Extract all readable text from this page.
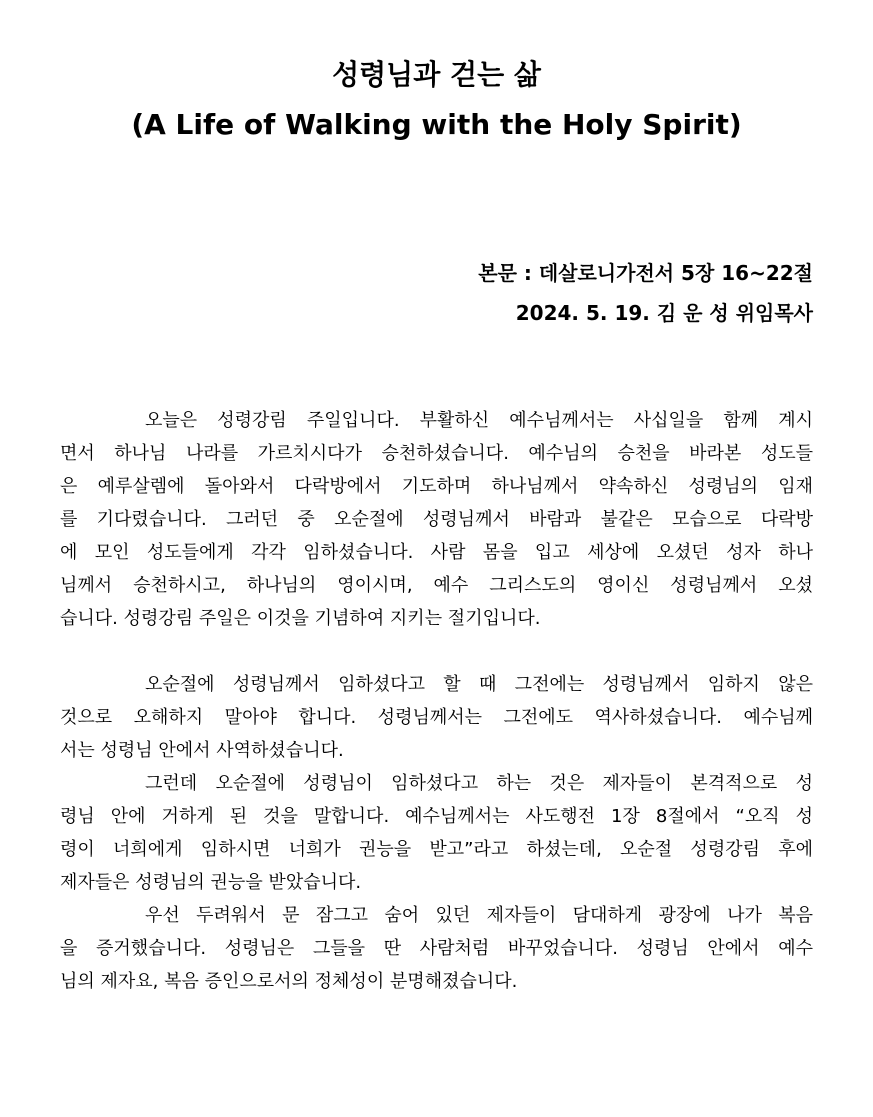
성령님과 걷는 삶
(A Life of Walking with the Holy Spirit)
본문 : 데살로니가전서 5장 16~22절
2024. 5. 19. 김 운 성 위임목사
오늘은 성령강림 주일입니다. 부활하신 예수님께서는 사십일을 함께 계시
면서 하나님 나라를 가르치시다가 승천하셨습니다. 예수님의 승천을 바라본 성도들
은 예루살렘에 돌아와서 다락방에서 기도하며 하나님께서 약속하신 성령님의 임재
를 기다렸습니다. 그러던 중 오순절에 성령님께서 바람과 불같은 모습으로 다락방
에 모인 성도들에게 각각 임하셨습니다. 사람 몸을 입고 세상에 오셨던 성자 하나
님께서 승천하시고, 하나님의 영이시며, 예수 그리스도의 영이신 성령님께서 오셨
습니다. 성령강림 주일은 이것을 기념하여 지키는 절기입니다.
오순절에 성령님께서 임하셨다고 할 때 그전에는 성령님께서 임하지 않은
것으로 오해하지 말아야 합니다. 성령님께서는 그전에도 역사하셨습니다. 예수님께
서는 성령님 안에서 사역하셨습니다.
그런데 오순절에 성령님이 임하셨다고 하는 것은 제자들이 본격적으로 성
령님 안에 거하게 된 것을 말합니다. 예수님께서는 사도행전 1장 8절에서 “오직 성
령이 너희에게 임하시면 너희가 권능을 받고”라고 하셨는데, 오순절 성령강림 후에
제자들은 성령님의 권능을 받았습니다.
우선 두려워서 문 잠그고 숨어 있던 제자들이 담대하게 광장에 나가 복음
을 증거했습니다. 성령님은 그들을 딴 사람처럼 바꾸었습니다. 성령님 안에서 예수
님의 제자요, 복음 증인으로서의 정체성이 분명해졌습니다.
